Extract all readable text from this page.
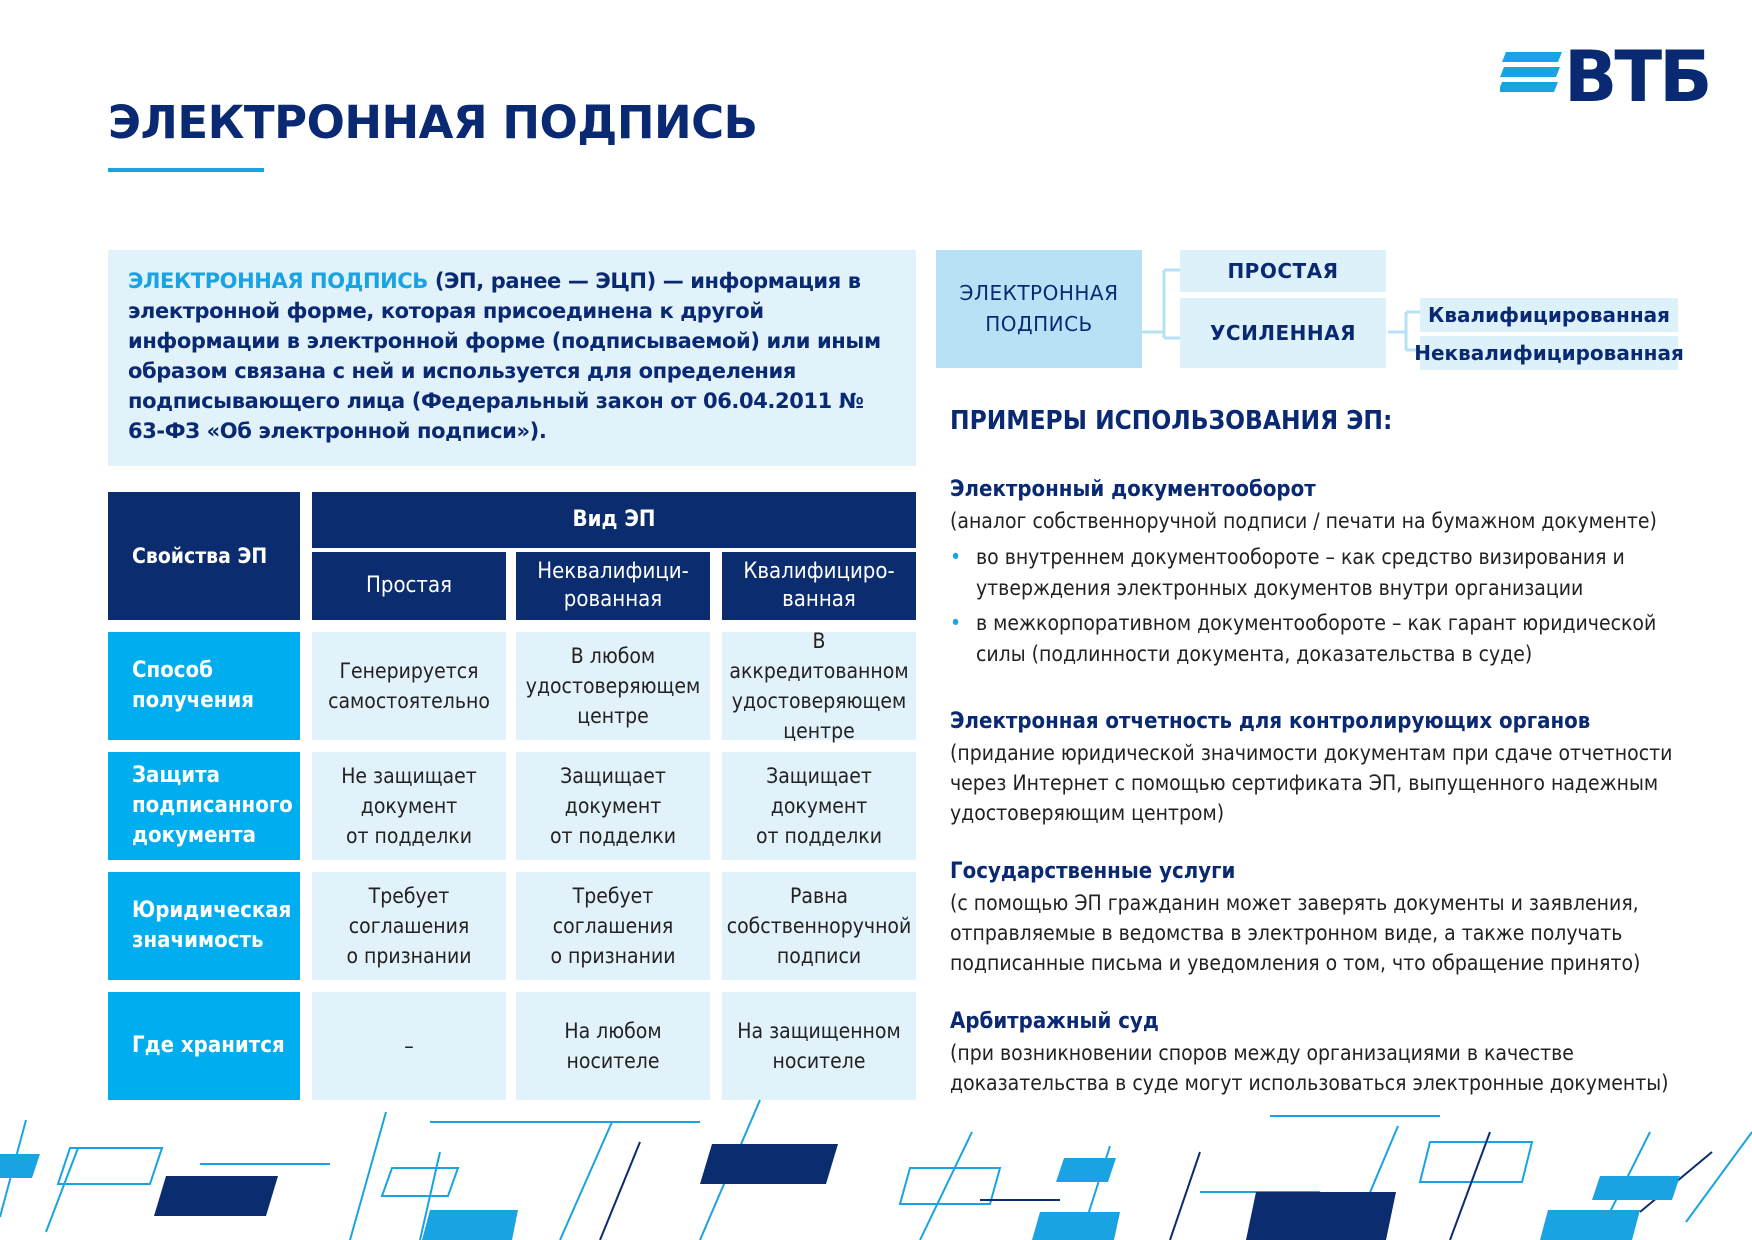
ЭЛЕКТРОННАЯ ПОДПИСЬ
ВТБ
ЭЛЕКТРОННАЯ ПОДПИСЬ (ЭП, ранее — ЭЦП) — информация в электронной форме, которая присоединена к другой информации в электронной форме (подписываемой) или иным образом связана с ней и используется для определения подписывающего лица (Федеральный закон от 06.04.2011 № 63-ФЗ «Об электронной подписи»).
Свойства ЭП
Вид ЭП
Простая
Неквалифици-
рованная
Квалифициро-
ванная
Способ
получения
Генерируется
самостоятельно
В любом
удостоверяющем
центре
В аккредитованном
удостоверяющем
центре
Защита
подписанного
документа
Не защищает
документ
от подделки
Защищает
документ
от подделки
Защищает
документ
от подделки
Юридическая
значимость
Требует
соглашения
о признании
Требует
соглашения
о признании
Равна
собственноручной
подписи
Где хранится	–
На любом
носителе
На защищенном
носителе
ЭЛЕКТРОННАЯ
ПОДПИСЬ
ПРОСТАЯ
УСИЛЕННАЯ
Квалифицированная
Неквалифицированная
ПРИМЕРЫ ИСПОЛЬЗОВАНИЯ ЭП:
Электронный документооборот
(аналог собственноручной подписи / печати на бумажном документе)
• во внутреннем документообороте – как средство визирования и утверждения электронных документов внутри организации
• в межкорпоративном документообороте – как гарант юридической силы (подлинности документа, доказательства в суде)
Электронная отчетность для контролирующих органов
(придание юридической значимости документам при сдаче отчетности через Интернет с помощью сертификата ЭП, выпущенного надежным удостоверяющим центром)
Государственные услуги
(с помощью ЭП гражданин может заверять документы и заявления, отправляемые в ведомства в электронном виде, а также получать подписанные письма и уведомления о том, что обращение принято)
Арбитражный суд
(при возникновении споров между организациями в качестве доказательства в суде могут использоваться электронные документы)
